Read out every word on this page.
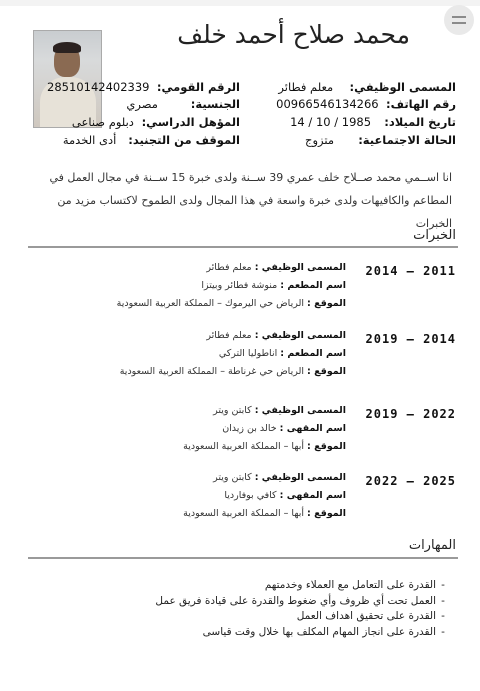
محمد صلاح أحمد خلف
المسمى الوظيفي: معلم فطائر
رقم الهاتف: 00966546134266
تاريخ الميلاد: 1985 / 10 / 14
الحالة الاجتماعية: متزوج
الرقم القومي: 28510142402339
الجنسية: مصري
المؤهل الدراسي: دبلوم صناعى
الموقف من التجنيد: أدى الخدمة
انا اســمي محمد صــلاح خلف عمري 39 ســنة ولدى خبرة 15 ســنة في مجال العمل في المطاعم والكافيهات ولدى خبرة واسعة في هذا المجال ولدى الطموح لاكتساب مزيد من الخبرات
الخبرات
2014 – 2011
المسمى الوظيفي : معلم فطائر
اسم المطعم : منوشة فطائر وبيتزا
الموقع : الرياض حي اليرموك – المملكة العربية السعودية
2019 – 2014
المسمى الوظيفي : معلم فطائر
اسم المطعم : اناطوليا التركي
الموقع : الرياض حي غرناطة – المملكة العربية السعودية
2019 – 2022
المسمى الوظيفي : كابتن ويتر
اسم المقهى : خالد بن زيدان
الموقع : أبها – المملكة العربية السعودية
2022 – 2025
المسمى الوظيفي : كابتن ويتر
اسم المقهى : كافي بوفارديا
الموقع : أبها – المملكة العربية السعودية
المهارات
- القدرة على التعامل مع العملاء وخدمتهم
- العمل تحت أي ظروف وأي ضغوط والقدرة على قيادة فريق عمل
- القدرة على تحقيق اهداف العمل
- القدرة على انجاز المهام المكلف بها خلال وقت قياسى
